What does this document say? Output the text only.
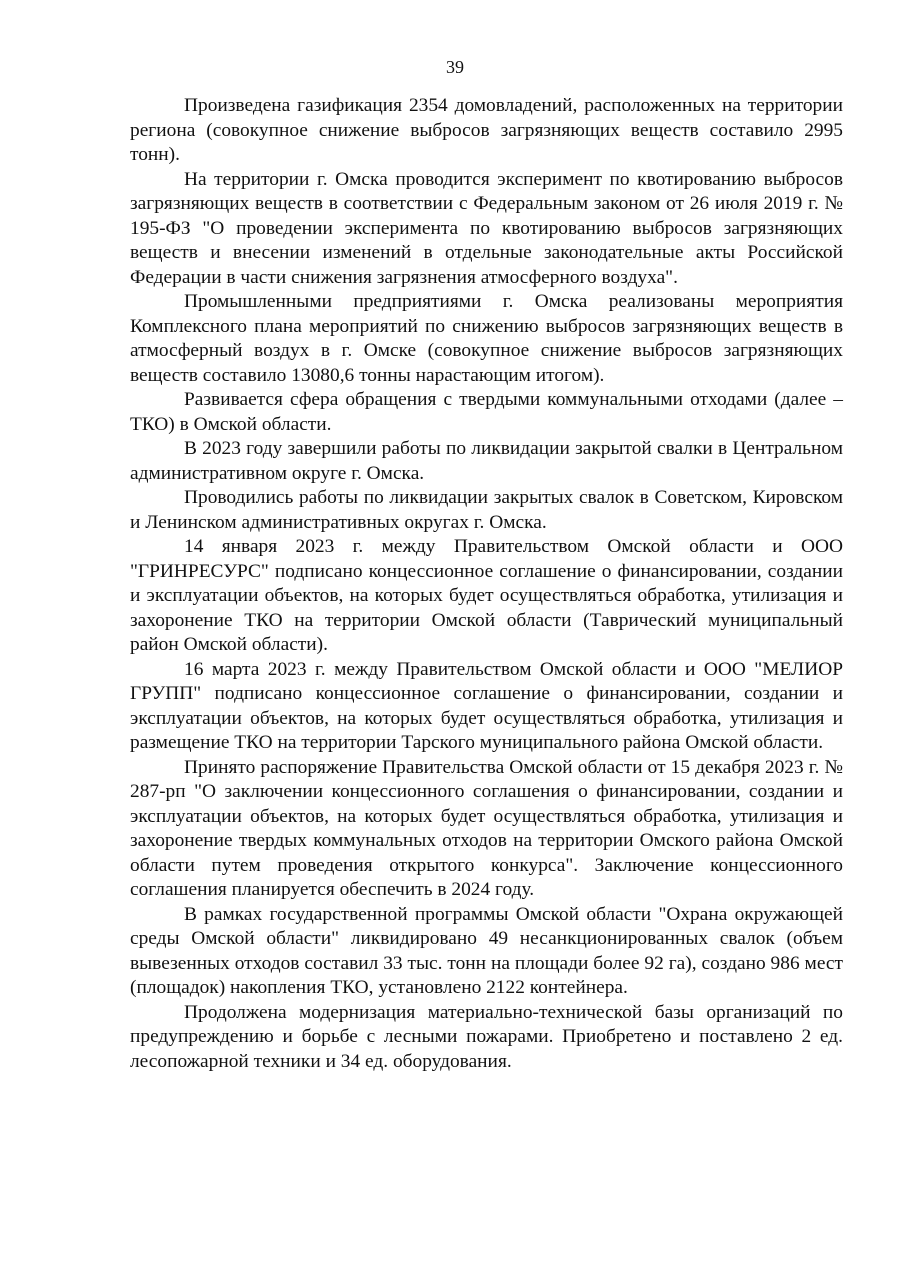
39

Произведена газификация 2354 домовладений, расположенных на территории региона (совокупное снижение выбросов загрязняющих веществ составило 2995 тонн).

На территории г. Омска проводится эксперимент по квотированию выбросов загрязняющих веществ в соответствии с Федеральным законом от 26 июля 2019 г. № 195-ФЗ "О проведении эксперимента по квотированию выбросов загрязняющих веществ и внесении изменений в отдельные законодательные акты Российской Федерации в части снижения загрязнения атмосферного воздуха".

Промышленными предприятиями г. Омска реализованы мероприятия Комплексного плана мероприятий по снижению выбросов загрязняющих веществ в атмосферный воздух в г. Омске (совокупное снижение выбросов загрязняющих веществ составило 13080,6 тонны нарастающим итогом).

Развивается сфера обращения с твердыми коммунальными отходами (далее – ТКО) в Омской области.

В 2023 году завершили работы по ликвидации закрытой свалки в Центральном административном округе г. Омска.

Проводились работы по ликвидации закрытых свалок в Советском, Кировском и Ленинском административных округах г. Омска.

14 января 2023 г. между Правительством Омской области и ООО "ГРИНРЕСУРС" подписано концессионное соглашение о финансировании, создании и эксплуатации объектов, на которых будет осуществляться обработка, утилизация и захоронение ТКО на территории Омской области (Таврический муниципальный район Омской области).

16 марта 2023 г. между Правительством Омской области и ООО "МЕЛИОР ГРУПП" подписано концессионное соглашение о финансировании, создании и эксплуатации объектов, на которых будет осуществляться обработка, утилизация и размещение ТКО на территории Тарского муниципального района Омской области.

Принято распоряжение Правительства Омской области от 15 декабря 2023 г. № 287-рп "О заключении концессионного соглашения о финансировании, создании и эксплуатации объектов, на которых будет осуществляться обработка, утилизация и захоронение твердых коммунальных отходов на территории Омского района Омской области путем проведения открытого конкурса". Заключение концессионного соглашения планируется обеспечить в 2024 году.

В рамках государственной программы Омской области "Охрана окружающей среды Омской области" ликвидировано 49 несанкционированных свалок (объем вывезенных отходов составил 33 тыс. тонн на площади более 92 га), создано 986 мест (площадок) накопления ТКО, установлено 2122 контейнера.

Продолжена модернизация материально-технической базы организаций по предупреждению и борьбе с лесными пожарами. Приобретено и поставлено 2 ед. лесопожарной техники и 34 ед. оборудования.
